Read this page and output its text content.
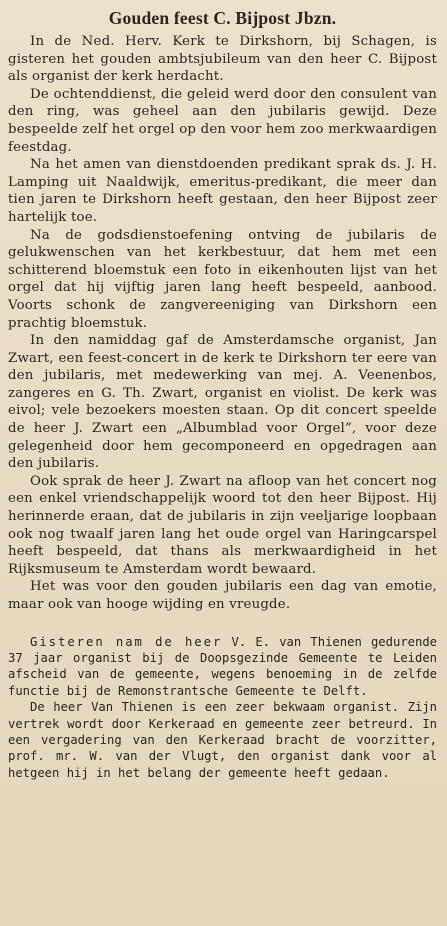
Gouden feest C. Bijpost Jbzn.

In de Ned. Herv. Kerk te Dirkshorn, bij Schagen, is gisteren het gouden ambtsjubileum van den heer C. Bijpost als organist der kerk herdacht.

De ochtenddienst, die geleid werd door den consulent van den ring, was geheel aan den jubilaris gewijd. Deze bespeelde zelf het orgel op den voor hem zoo merkwaardigen feestdag.

Na het amen van dienstdoenden predikant sprak ds. J. H. Lamping uit Naaldwijk, emeritus-predikant, die meer dan tien jaren te Dirkshorn heeft gestaan, den heer Bijpost zeer hartelijk toe.

Na de godsdienstoefening ontving de jubilaris de gelukwenschen van het kerkbestuur, dat hem met een schitterend bloemstuk een foto in eikenhouten lijst van het orgel dat hij vijftig jaren lang heeft bespeeld, aanbood. Voorts schonk de zangvereeniging van Dirkshorn een prachtig bloemstuk.

In den namiddag gaf de Amsterdamsche organist, Jan Zwart, een feest-concert in de kerk te Dirkshorn ter eere van den jubilaris, met medewerking van mej. A. Veenenbos, zangeres en G. Th. Zwart, organist en violist. De kerk was eivol; vele bezoekers moesten staan. Op dit concert speelde de heer J. Zwart een „Albumblad voor Orgel”, voor deze gelegenheid door hem gecomponeerd en opgedragen aan den jubilaris.

Ook sprak de heer J. Zwart na afloop van het concert nog een enkel vriendschappelijk woord tot den heer Bijpost. Hij herinnerde eraan, dat de jubilaris in zijn veeljarige loopbaan ook nog twaalf jaren lang het oude orgel van Haringcarspel heeft bespeeld, dat thans als merkwaardigheid in het Rijksmuseum te Amsterdam wordt bewaard.

Het was voor den gouden jubilaris een dag van emotie, maar ook van hooge wijding en vreugde.

Gisteren nam de heer V. E. van Thienen gedurende 37 jaar organist bij de Doopsgezinde Gemeente te Leiden afscheid van de gemeente, wegens benoeming in de zelfde functie bij de Remonstrantsche Gemeente te Delft.

De heer Van Thienen is een zeer bekwaam organist. Zijn vertrek wordt door Kerkeraad en gemeente zeer betreurd. In een vergadering van den Kerkeraad bracht de voorzitter, prof. mr. W. van der Vlugt, den organist dank voor al hetgeen hij in het belang der gemeente heeft gedaan.
